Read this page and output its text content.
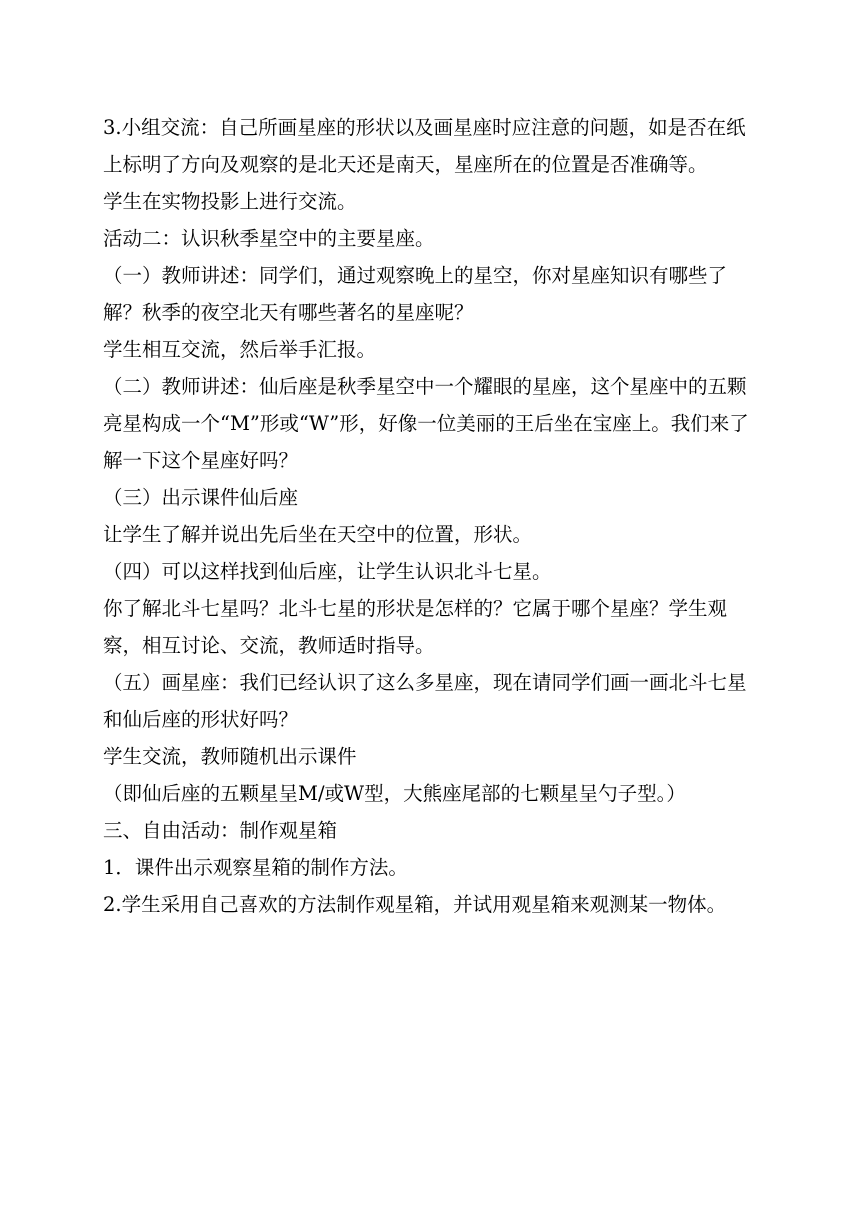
3.小组交流：自己所画星座的形状以及画星座时应注意的问题，如是否在纸上标明了方向及观察的是北天还是南天，星座所在的位置是否准确等。

学生在实物投影上进行交流。

活动二：认识秋季星空中的主要星座。

（一）教师讲述：同学们，通过观察晚上的星空，你对星座知识有哪些了解？秋季的夜空北天有哪些著名的星座呢？

学生相互交流，然后举手汇报。

（二）教师讲述：仙后座是秋季星空中一个耀眼的星座，这个星座中的五颗亮星构成一个“M”形或“W”形，好像一位美丽的王后坐在宝座上。我们来了解一下这个星座好吗？

（三）出示课件仙后座

让学生了解并说出先后坐在天空中的位置，形状。

（四）可以这样找到仙后座，让学生认识北斗七星。

你了解北斗七星吗？北斗七星的形状是怎样的？它属于哪个星座？学生观察，相互讨论、交流，教师适时指导。

（五）画星座：我们已经认识了这么多星座，现在请同学们画一画北斗七星和仙后座的形状好吗？

学生交流，教师随机出示课件

（即仙后座的五颗星呈M/或W型，大熊座尾部的七颗星呈勺子型。）

三、自由活动：制作观星箱

1．课件出示观察星箱的制作方法。

2.学生采用自己喜欢的方法制作观星箱，并试用观星箱来观测某一物体。
